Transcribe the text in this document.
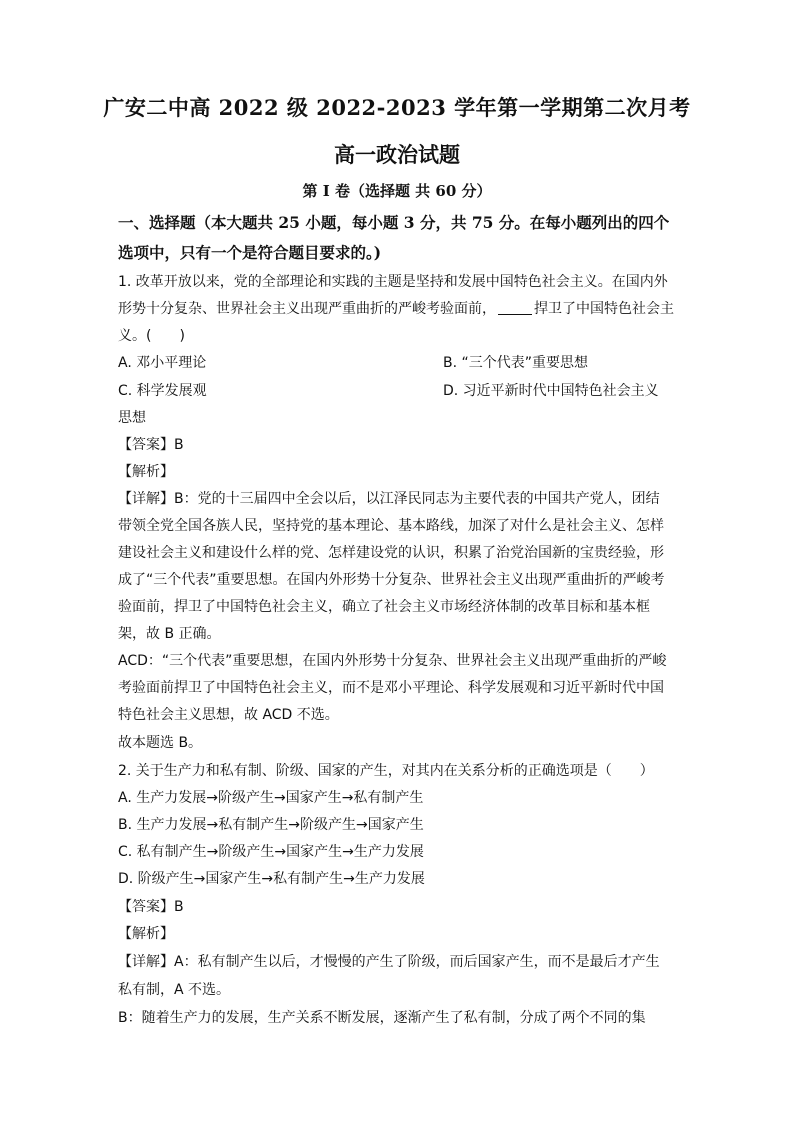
广安二中高 2022 级 2022-2023 学年第一学期第二次月考
高一政治试题
第 I 卷（选择题 共 60 分）
一、选择题（本大题共 25 小题，每小题 3 分，共 75 分。在每小题列出的四个
选项中，只有一个是符合题目要求的。)
1. 改革开放以来，党的全部理论和实践的主题是坚持和发展中国特色社会主义。在国内外
形势十分复杂、世界社会主义出现严重曲折的严峻考验面前，	捍卫了中国特色社会主
义。(　　)
A. 邓小平理论	B. “三个代表”重要思想
C. 科学发展观	D. 习近平新时代中国特色社会主义
思想
【答案】B
【解析】
【详解】B：党的十三届四中全会以后，以江泽民同志为主要代表的中国共产党人，团结
带领全党全国各族人民，坚持党的基本理论、基本路线，加深了对什么是社会主义、怎样
建设社会主义和建设什么样的党、怎样建设党的认识，积累了治党治国新的宝贵经验，形
成了“三个代表”重要思想。在国内外形势十分复杂、世界社会主义出现严重曲折的严峻考
验面前，捍卫了中国特色社会主义，确立了社会主义市场经济体制的改革目标和基本框
架，故 B 正确。
ACD：“三个代表”重要思想，在国内外形势十分复杂、世界社会主义出现严重曲折的严峻
考验面前捍卫了中国特色社会主义，而不是邓小平理论、科学发展观和习近平新时代中国
特色社会主义思想，故 ACD 不选。
故本题选 B。
2. 关于生产力和私有制、阶级、国家的产生，对其内在关系分析的正确选项是（　　）
A. 生产力发展→阶级产生→国家产生→私有制产生
B. 生产力发展→私有制产生→阶级产生→国家产生
C. 私有制产生→阶级产生→国家产生→生产力发展
D. 阶级产生→国家产生→私有制产生→生产力发展
【答案】B
【解析】
【详解】A：私有制产生以后，才慢慢的产生了阶级，而后国家产生，而不是最后才产生
私有制，A 不选。
B：随着生产力的发展，生产关系不断发展，逐渐产生了私有制，分成了两个不同的集
